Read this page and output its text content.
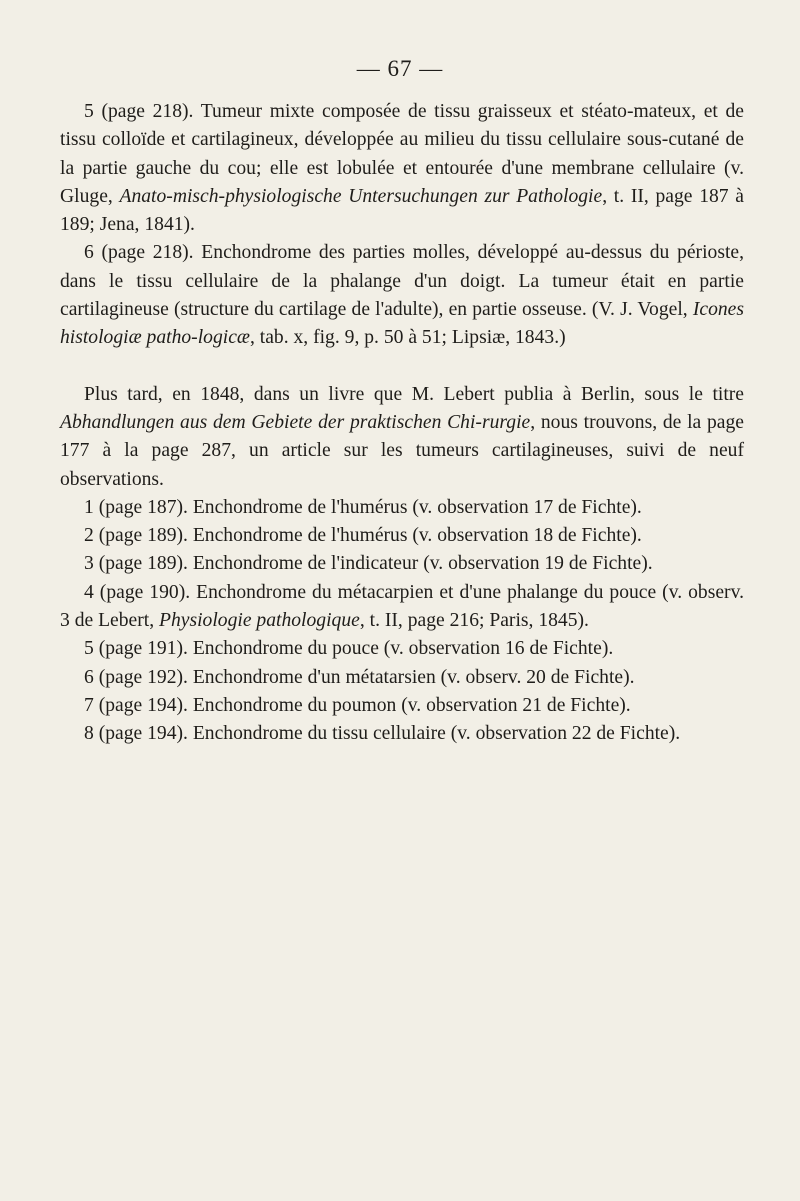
— 67 —

5 (page 218). Tumeur mixte composée de tissu graisseux et stéato-mateux, et de tissu colloïde et cartilagineux, développée au milieu du tissu cellulaire sous-cutané de la partie gauche du cou; elle est lobulée et entourée d'une membrane cellulaire (v. Gluge, Anato-misch-physiologische Untersuchungen zur Pathologie, t. II, page 187 à 189; Jena, 1841).

6 (page 218). Enchondrome des parties molles, développé au-dessus du périoste, dans le tissu cellulaire de la phalange d'un doigt. La tumeur était en partie cartilagineuse (structure du cartilage de l'adulte), en partie osseuse. (V. J. Vogel, Icones histologiæ patho-logicæ, tab. x, fig. 9, p. 50 à 51; Lipsiæ, 1843.)

Plus tard, en 1848, dans un livre que M. Lebert publia à Berlin, sous le titre Abhandlungen aus dem Gebiete der praktischen Chi-rurgie, nous trouvons, de la page 177 à la page 287, un article sur les tumeurs cartilagineuses, suivi de neuf observations.

1 (page 187). Enchondrome de l'humérus (v. observation 17 de Fichte).

2 (page 189). Enchondrome de l'humérus (v. observation 18 de Fichte).

3 (page 189). Enchondrome de l'indicateur (v. observation 19 de Fichte).

4 (page 190). Enchondrome du métacarpien et d'une phalange du pouce (v. observ. 3 de Lebert, Physiologie pathologique, t. II, page 216; Paris, 1845).

5 (page 191). Enchondrome du pouce (v. observation 16 de Fichte).

6 (page 192). Enchondrome d'un métatarsien (v. observ. 20 de Fichte).

7 (page 194). Enchondrome du poumon (v. observation 21 de Fichte).

8 (page 194). Enchondrome du tissu cellulaire (v. observation 22 de Fichte).
